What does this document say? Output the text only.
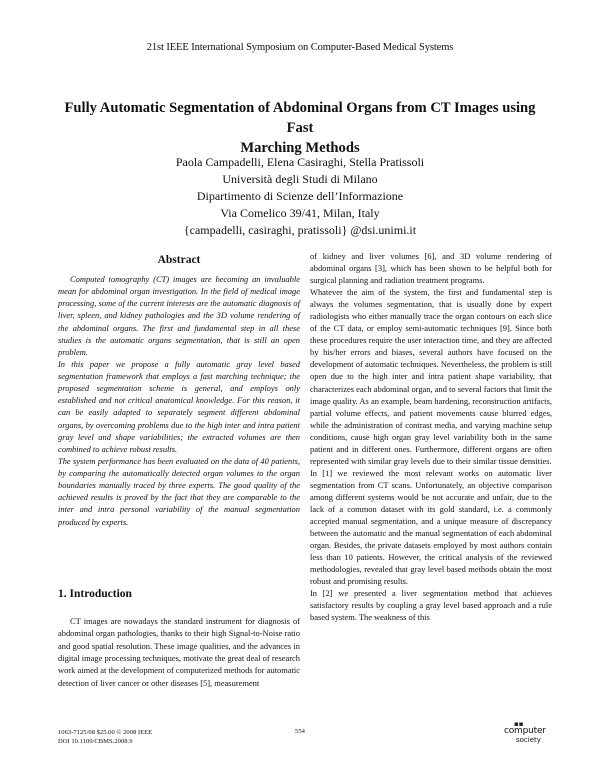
21st IEEE International Symposium on Computer-Based Medical Systems
Fully Automatic Segmentation of Abdominal Organs from CT Images using Fast
Marching Methods
Paola Campadelli, Elena Casiraghi, Stella Pratissoli
Università degli Studi di Milano
Dipartimento di Scienze dell’Informazione
Via Comelico 39/41, Milan, Italy
{campadelli, casiraghi, pratissoli} @dsi.unimi.it
Abstract

Computed tomography (CT) images are becoming an invaluable mean for abdominal organ investigation. In the field of medical image processing, some of the current interests are the automatic diagnosis of liver, spleen, and kidney pathologies and the 3D volume rendering of the abdominal organs. The first and fundamental step in all these studies is the automatic organs segmentation, that is still an open problem.

In this paper we propose a fully automatic gray level based segmentation framework that employs a fast marching technique; the proposed segmentation scheme is general, and employs only established and not critical anatomical knowledge. For this reason, it can be easily adapted to separately segment different abdominal organs, by overcoming problems due to the high inter and intra patient gray level and shape variabilities; the extracted volumes are then combined to achieve robust results.

The system performance has been evaluated on the data of 40 patients, by comparing the automatically detected organ volumes to the organ boundaries manually traced by three experts. The good quality of the achieved results is proved by the fact that they are comparable to the inter and intra personal variability of the manual segmentation produced by experts.

1. Introduction

CT images are nowadays the standard instrument for diagnosis of abdominal organ pathologies, thanks to their high Signal-to-Noise ratio and good spatial resolution. These image qualities, and the advances in digital image processing techniques, motivate the great deal of research work aimed at the development of computerized methods for automatic detection of liver cancer or other diseases [5], measurement

of kidney and liver volumes [6], and 3D volume rendering of abdominal organs [3], which has been shown to be helpful both for surgical planning and radiation treatment programs.

Whatever the aim of the system, the first and fundamental step is always the volumes segmentation, that is usually done by expert radiologists who either manually trace the organ contours on each slice of the CT data, or employ semi-automatic techniques [9]. Since both these procedures require the user interaction time, and they are affected by his/her errors and biases, several authors have focused on the development of automatic techniques. Nevertheless, the problem is still open due to the high inter and intra patient shape variability, that characterizes each abdominal organ, and to several factors that limit the image quality. As an example, beam hardening, reconstruction artifacts, partial volume effects, and patient movements cause blurred edges, while the administration of contrast media, and varying machine setup conditions, cause high organ gray level variability both in the same patient and in different ones. Furthermore, different organs are often represented with similar gray levels due to their similar tissue densities.

In [1] we reviewed the most relevant works on automatic liver segmentation from CT scans. Unfortunately, an objective comparison among different systems would be not accurate and unfair, due to the lack of a common dataset with its gold standard, i.e. a commonly accepted manual segmentation, and a unique measure of discrepancy between the automatic and the manual segmentation of each abdominal organ. Besides, the private datasets employed by most authors contain less than 10 patients. However, the critical analysis of the reviewed methodologies, revealed that gray level based methods obtain the most robust and promising results.

In [2] we presented a liver segmentation method that achieves satisfactory results by coupling a gray level based approach and a rule based system. The weakness of this

1063-7125/08 $25.00 © 2008 IEEE
DOI 10.1109/CBMS.2008.9
554
▪▪
computer
society
